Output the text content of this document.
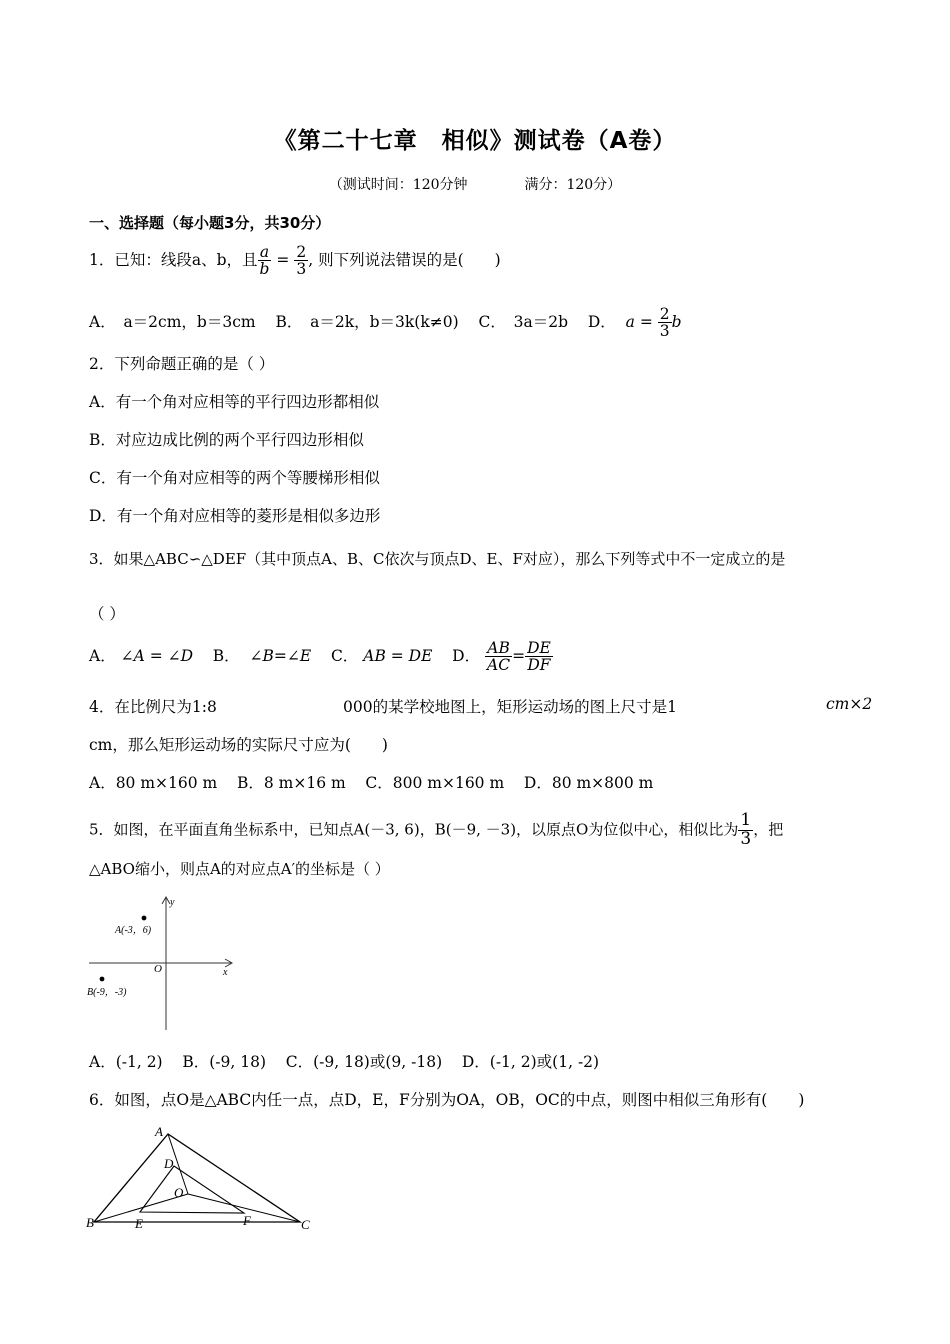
《第二十七章　相似》测试卷（A卷）
（测试时间：120分钟	满分：120分）
一、选择题（每小题3分，共30分）
1．已知：线段a、b，且 $\frac{a}{b} = \frac{2}{3}$ , 则下列说法错误的是(　　)
A．　a＝2cm，b＝3cm B．　a＝2k，b＝3k(k≠0) C．　3a＝2b D． $a = \frac{2}{3}$ b
2．下列命题正确的是（ ）
A．有一个角对应相等的平行四边形都相似
B．对应边成比例的两个平行四边形相似
C．有一个角对应相等的两个等腰梯形相似
D．有一个角对应相等的菱形是相似多边形
3．如果△ABC∽△DEF（其中顶点A、B、C依次与顶点D、E、F对应），那么下列等式中不一定成立的是
（ ）
A． ∠A = ∠D B． ∠B=∠E C． AB = DE D． $\frac{AB}{AC} = \frac{DE}{DF}$
4．在比例尺为1:8	000的某学校地图上，矩形运动场的图上尺寸是1	cm×2
cm，那么矩形运动场的实际尺寸应为(　　)
A．80 m×160 m B．8 m×16 m C．800 m×160 m D．80 m×800 m
5．如图，在平面直角坐标系中，已知点A(－3, 6)，B(－9, －3)，以原点O为位似中心，相似比为 $\frac{1}{3}$ ，把
△ABO缩小，则点A的对应点A′的坐标是（ ）
y
x
O
A(-3，6)
B(-9，-3)
A．(-1, 2) B．(-9, 18) C．(-9, 18)或(9, -18) D．(-1, 2)或(1, -2)
6．如图，点O是△ABC内任一点，点D，E，F分别为OA，OB，OC的中点，则图中相似三角形有(　　)
A
B	C
D
E	F
O
